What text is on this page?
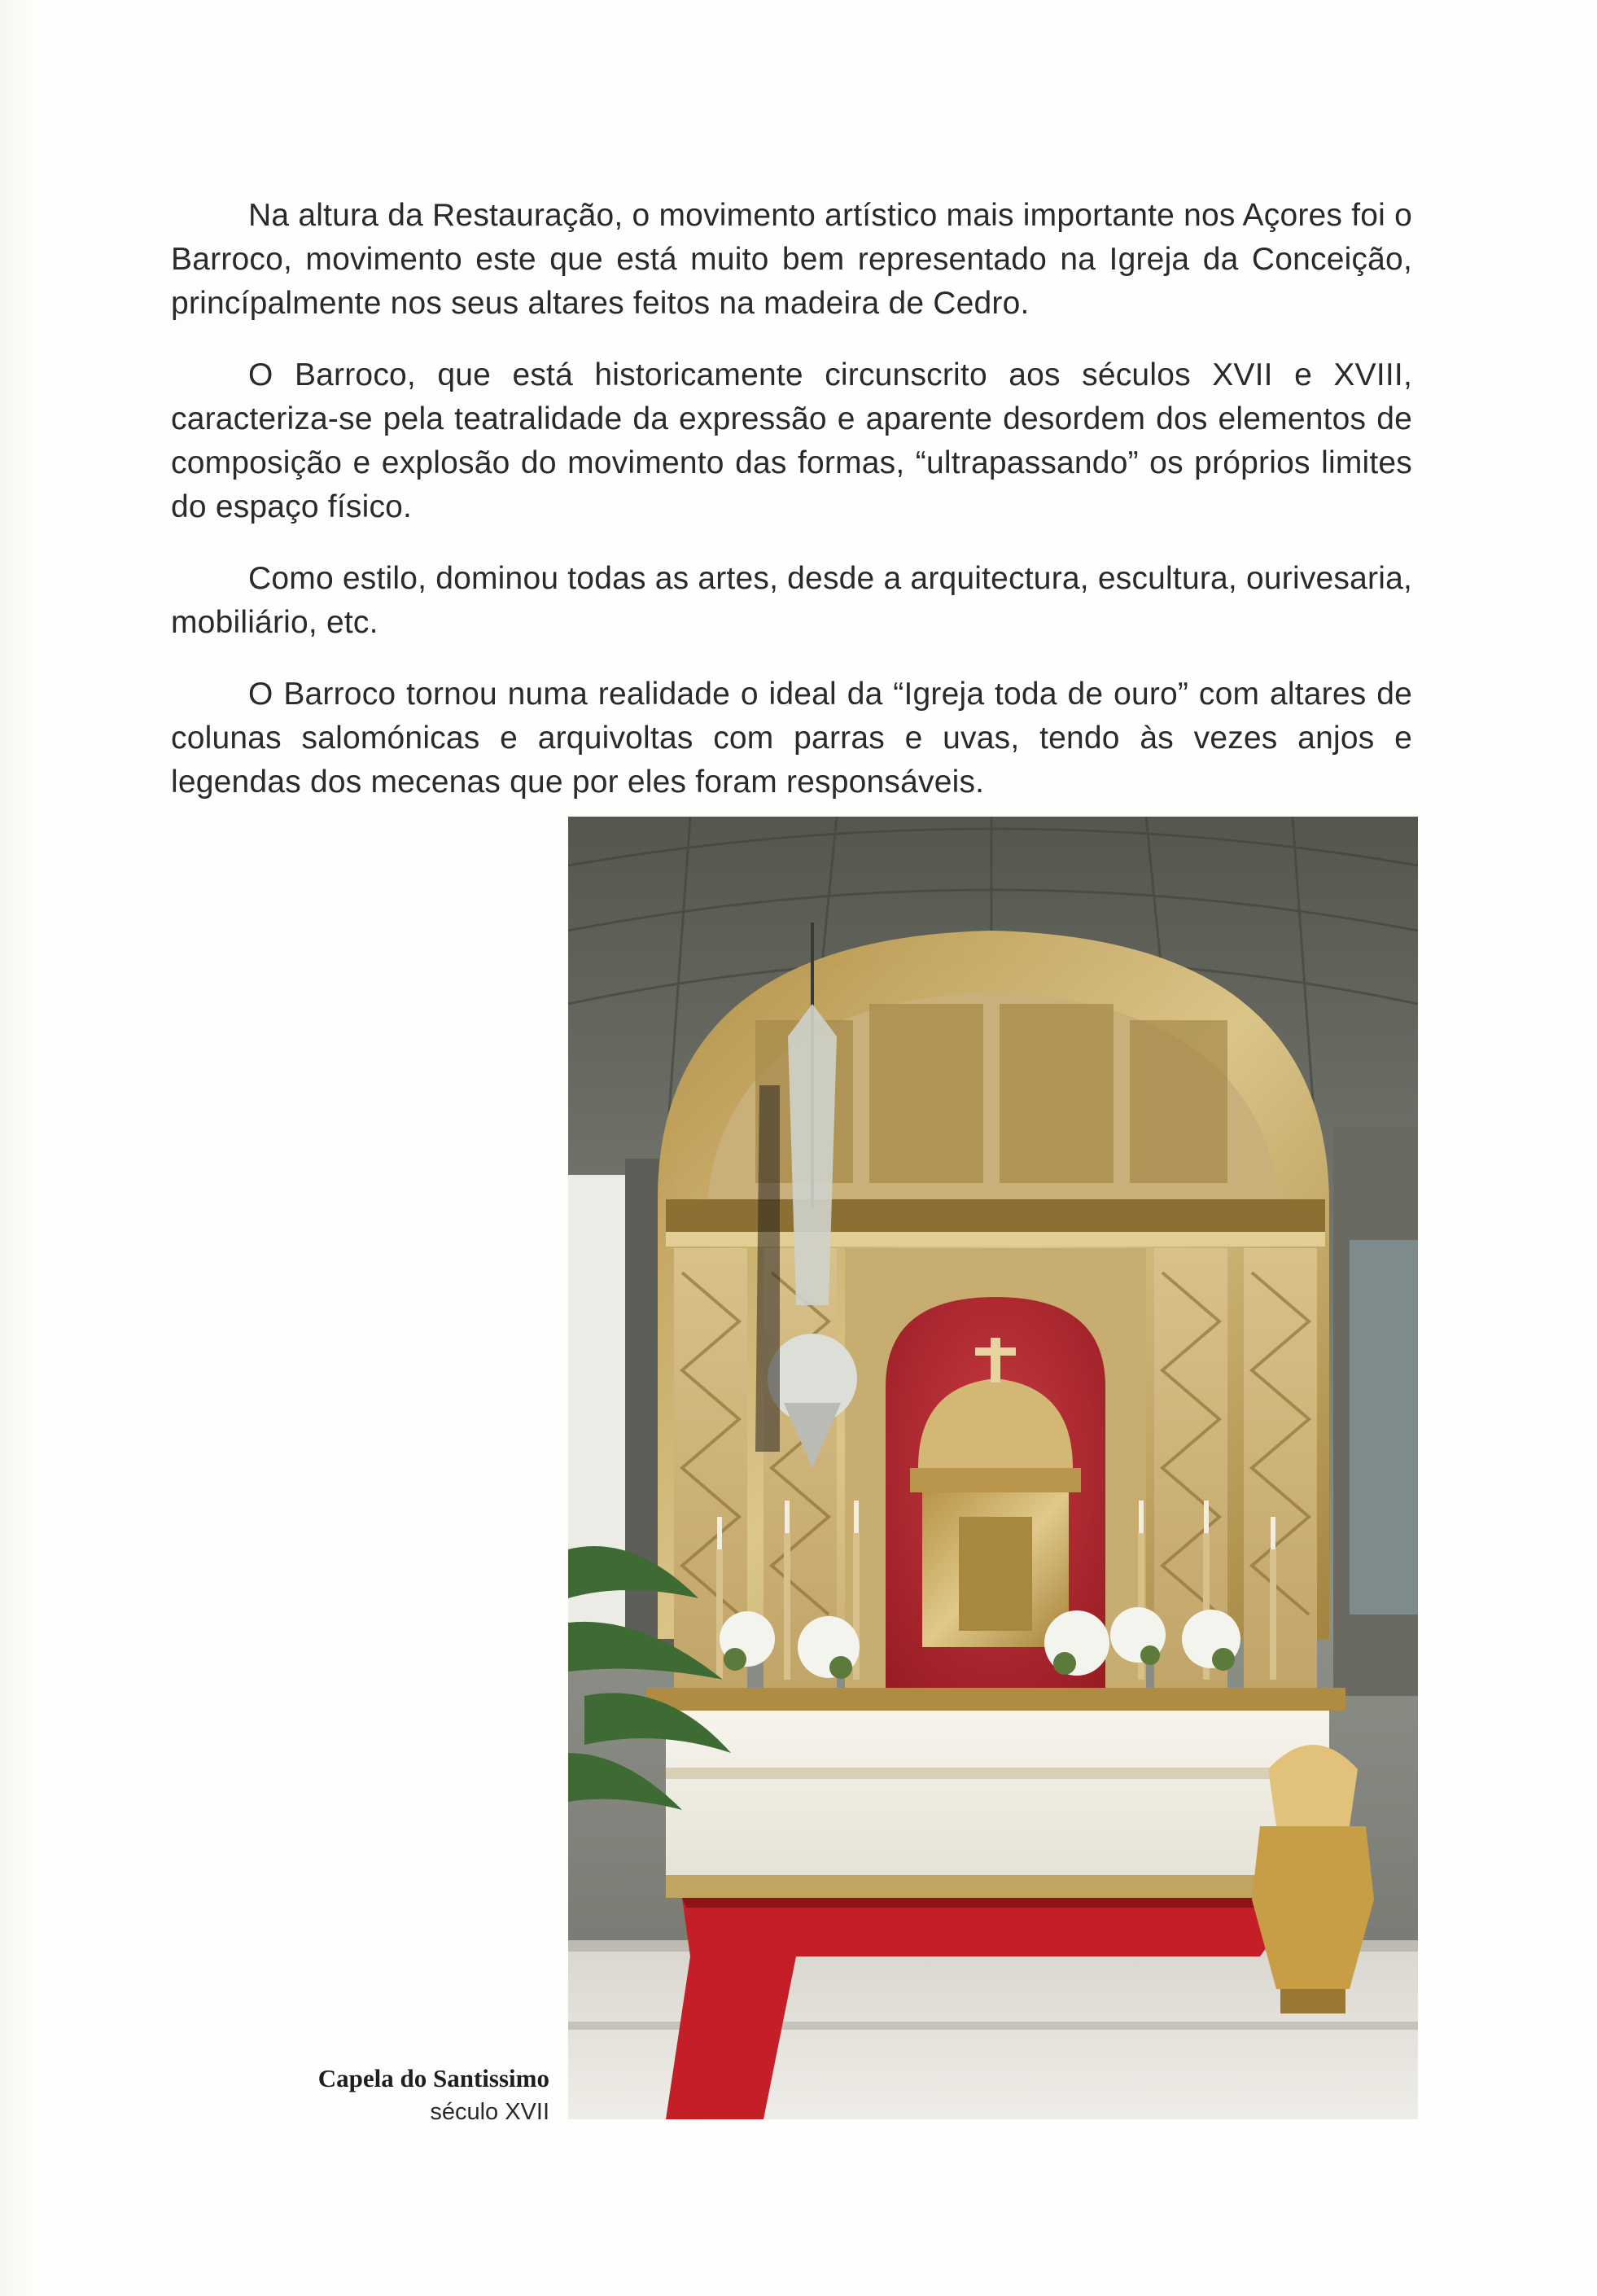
Na altura da Restauração, o movimento artístico mais importante nos Açores foi o Barroco, movimento este que está muito bem representado na Igreja da Conceição, princípalmente nos seus altares feitos na madeira de Cedro.

O Barroco, que está historicamente circunscrito aos séculos XVII e XVIII, caracteriza-se pela teatralidade da expressão e aparente desordem dos elementos de composição e explosão do movimento das formas, “ultrapassando” os próprios limites do espaço físico.

Como estilo, dominou todas as artes, desde a arquitectura, escultura, ourivesaria, mobiliário, etc.

O Barroco tornou numa realidade o ideal da “Igreja toda de ouro” com altares de colunas salomónicas e arquivoltas com parras e uvas, tendo às vezes anjos e legendas dos mecenas que por eles foram responsáveis.

Capela do Santissimo
século XVII
